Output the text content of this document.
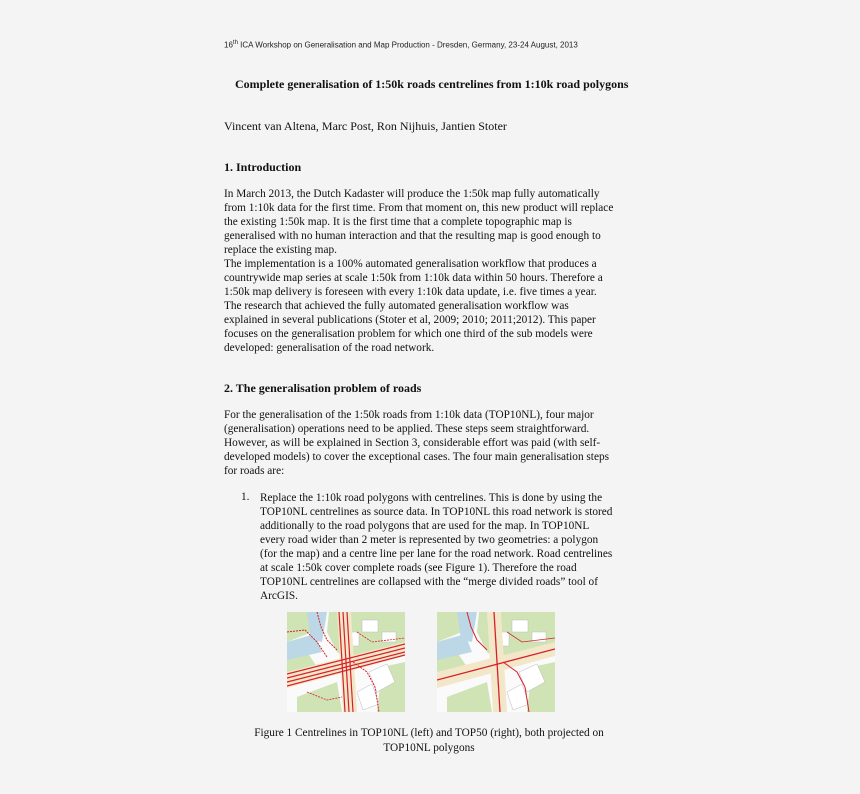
16th ICA Workshop on Generalisation and Map Production - Dresden, Germany, 23-24 August, 2013
Complete generalisation of 1:50k roads centrelines from 1:10k road polygons
Vincent van Altena, Marc Post, Ron Nijhuis, Jantien Stoter
1. Introduction
In March 2013, the Dutch Kadaster will produce the 1:50k map fully automatically
from 1:10k data for the first time. From that moment on, this new product will replace
the existing 1:50k map. It is the first time that a complete topographic map is
generalised with no human interaction and that the resulting map is good enough to
replace the existing map.
The implementation is a 100% automated generalisation workflow that produces a
countrywide map series at scale 1:50k from 1:10k data within 50 hours. Therefore a
1:50k map delivery is foreseen with every 1:10k data update, i.e. five times a year.
The research that achieved the fully automated generalisation workflow was
explained in several publications (Stoter et al, 2009; 2010; 2011;2012). This paper
focuses on the generalisation problem for which one third of the sub models were
developed: generalisation of the road network.
2. The generalisation problem of roads
For the generalisation of the 1:50k roads from 1:10k data (TOP10NL), four major
(generalisation) operations need to be applied. These steps seem straightforward.
However, as will be explained in Section 3, considerable effort was paid (with self-
developed models) to cover the exceptional cases. The four main generalisation steps
for roads are:
1. Replace the 1:10k road polygons with centrelines. This is done by using the
TOP10NL centrelines as source data. In TOP10NL this road network is stored
additionally to the road polygons that are used for the map. In TOP10NL
every road wider than 2 meter is represented by two geometries: a polygon
(for the map) and a centre line per lane for the road network. Road centrelines
at scale 1:50k cover complete roads (see Figure 1). Therefore the road
TOP10NL centrelines are collapsed with the “merge divided roads” tool of
ArcGIS.
Figure 1 Centrelines in TOP10NL (left) and TOP50 (right), both projected on
TOP10NL polygons
